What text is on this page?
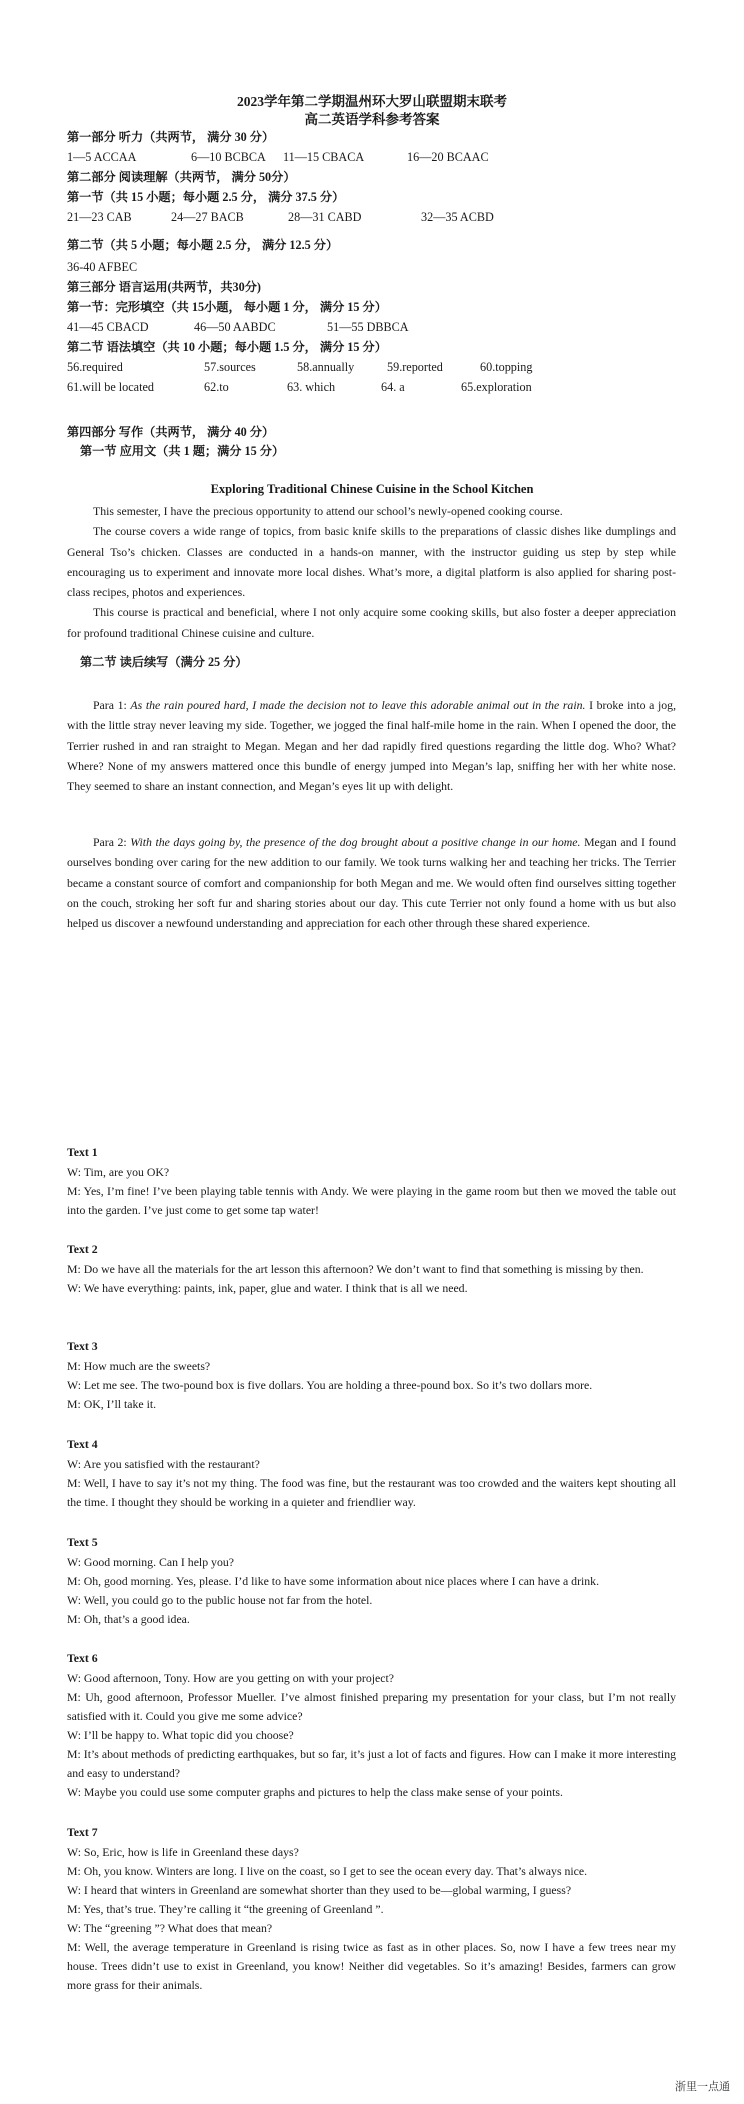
2023学年第二学期温州环大罗山联盟期末联考
高二英语学科参考答案
第一部分 听力（共两节， 满分 30 分）
1—5 ACCAA	6—10 BCBCA 11—15 CBACA	16—20 BCAAC
第二部分 阅读理解（共两节， 满分 50分）
第一节（共 15 小题；每小题 2.5 分， 满分 37.5 分）
21—23 CAB	24—27 BACB	28—31 CABD	32—35 ACBD
第二节（共 5 小题；每小题 2.5 分， 满分 12.5 分）
36-40 AFBEC
第三部分 语言运用(共两节，共30分)
第一节：完形填空（共 15小题， 每小题 1 分， 满分 15 分）
41—45 CBACD	46—50 AABDC	51—55 DBBCA
第二节 语法填空（共 10 小题；每小题 1.5 分， 满分 15 分）
56.required	57.sources	58.annually	59.reported	60.topping
61.will be located	62.to	63. which	64. a	65.exploration
第四部分 写作（共两节， 满分 40 分）
第一节 应用文（共 1 题；满分 15 分）
Exploring Traditional Chinese Cuisine in the School Kitchen

This semester, I have the precious opportunity to attend our school’s newly-opened cooking course.

The course covers a wide range of topics, from basic knife skills to the preparations of classic dishes like dumplings and General Tso’s chicken. Classes are conducted in a hands-on manner, with the instructor guiding us step by step while encouraging us to experiment and innovate more local dishes. What’s more, a digital platform is also applied for sharing post-class recipes, photos and experiences.

This course is practical and beneficial, where I not only acquire some cooking skills, but also foster a deeper appreciation for profound traditional Chinese cuisine and culture.

第二节 读后续写（满分 25 分）

Para 1: As the rain poured hard, I made the decision not to leave this adorable animal out in the rain. I broke into a jog, with the little stray never leaving my side. Together, we jogged the final half-mile home in the rain. When I opened the door, the Terrier rushed in and ran straight to Megan. Megan and her dad rapidly fired questions regarding the little dog. Who? What? Where? None of my answers mattered once this bundle of energy jumped into Megan’s lap, sniffing her with her white nose. They seemed to share an instant connection, and Megan’s eyes lit up with delight.

Para 2: With the days going by, the presence of the dog brought about a positive change in our home. Megan and I found ourselves bonding over caring for the new addition to our family. We took turns walking her and teaching her tricks. The Terrier became a constant source of comfort and companionship for both Megan and me. We would often find ourselves sitting together on the couch, stroking her soft fur and sharing stories about our day. This cute Terrier not only found a home with us but also helped us discover a newfound understanding and appreciation for each other through these shared experience.

Text 1
W: Tim, are you OK?
M: Yes, I’m fine! I’ve been playing table tennis with Andy. We were playing in the game room but then we moved the table out into the garden. I’ve just come to get some tap water!
Text 2
M: Do we have all the materials for the art lesson this afternoon? We don’t want to find that something is missing by then.
W: We have everything: paints, ink, paper, glue and water. I think that is all we need.
Text 3
M: How much are the sweets?
W: Let me see. The two-pound box is five dollars. You are holding a three-pound box. So it’s two dollars more.
M: OK, I’ll take it.
Text 4
W: Are you satisfied with the restaurant?
M: Well, I have to say it’s not my thing. The food was fine, but the restaurant was too crowded and the waiters kept shouting all the time. I thought they should be working in a quieter and friendlier way.
Text 5
W: Good morning. Can I help you?
M: Oh, good morning. Yes, please. I’d like to have some information about nice places where I can have a drink.
W: Well, you could go to the public house not far from the hotel.
M: Oh, that’s a good idea.
Text 6
W: Good afternoon, Tony. How are you getting on with your project?
M: Uh, good afternoon, Professor Mueller. I’ve almost finished preparing my presentation for your class, but I’m not really satisfied with it. Could you give me some advice?
W: I’ll be happy to. What topic did you choose?
M: It’s about methods of predicting earthquakes, but so far, it’s just a lot of facts and figures. How can I make it more interesting and easy to understand?
W: Maybe you could use some computer graphs and pictures to help the class make sense of your points.
Text 7
W: So, Eric, how is life in Greenland these days?
M: Oh, you know. Winters are long. I live on the coast, so I get to see the ocean every day. That’s always nice.
W: I heard that winters in Greenland are somewhat shorter than they used to be—global warming, I guess?
M: Yes, that’s true. They’re calling it “the greening of Greenland ”.
W: The “greening ”? What does that mean?
M: Well, the average temperature in Greenland is rising twice as fast as in other places. So, now I have a few trees near my house. Trees didn’t use to exist in Greenland, you know! Neither did vegetables. So it’s amazing! Besides, farmers can grow more grass for their animals.
浙里一点通
